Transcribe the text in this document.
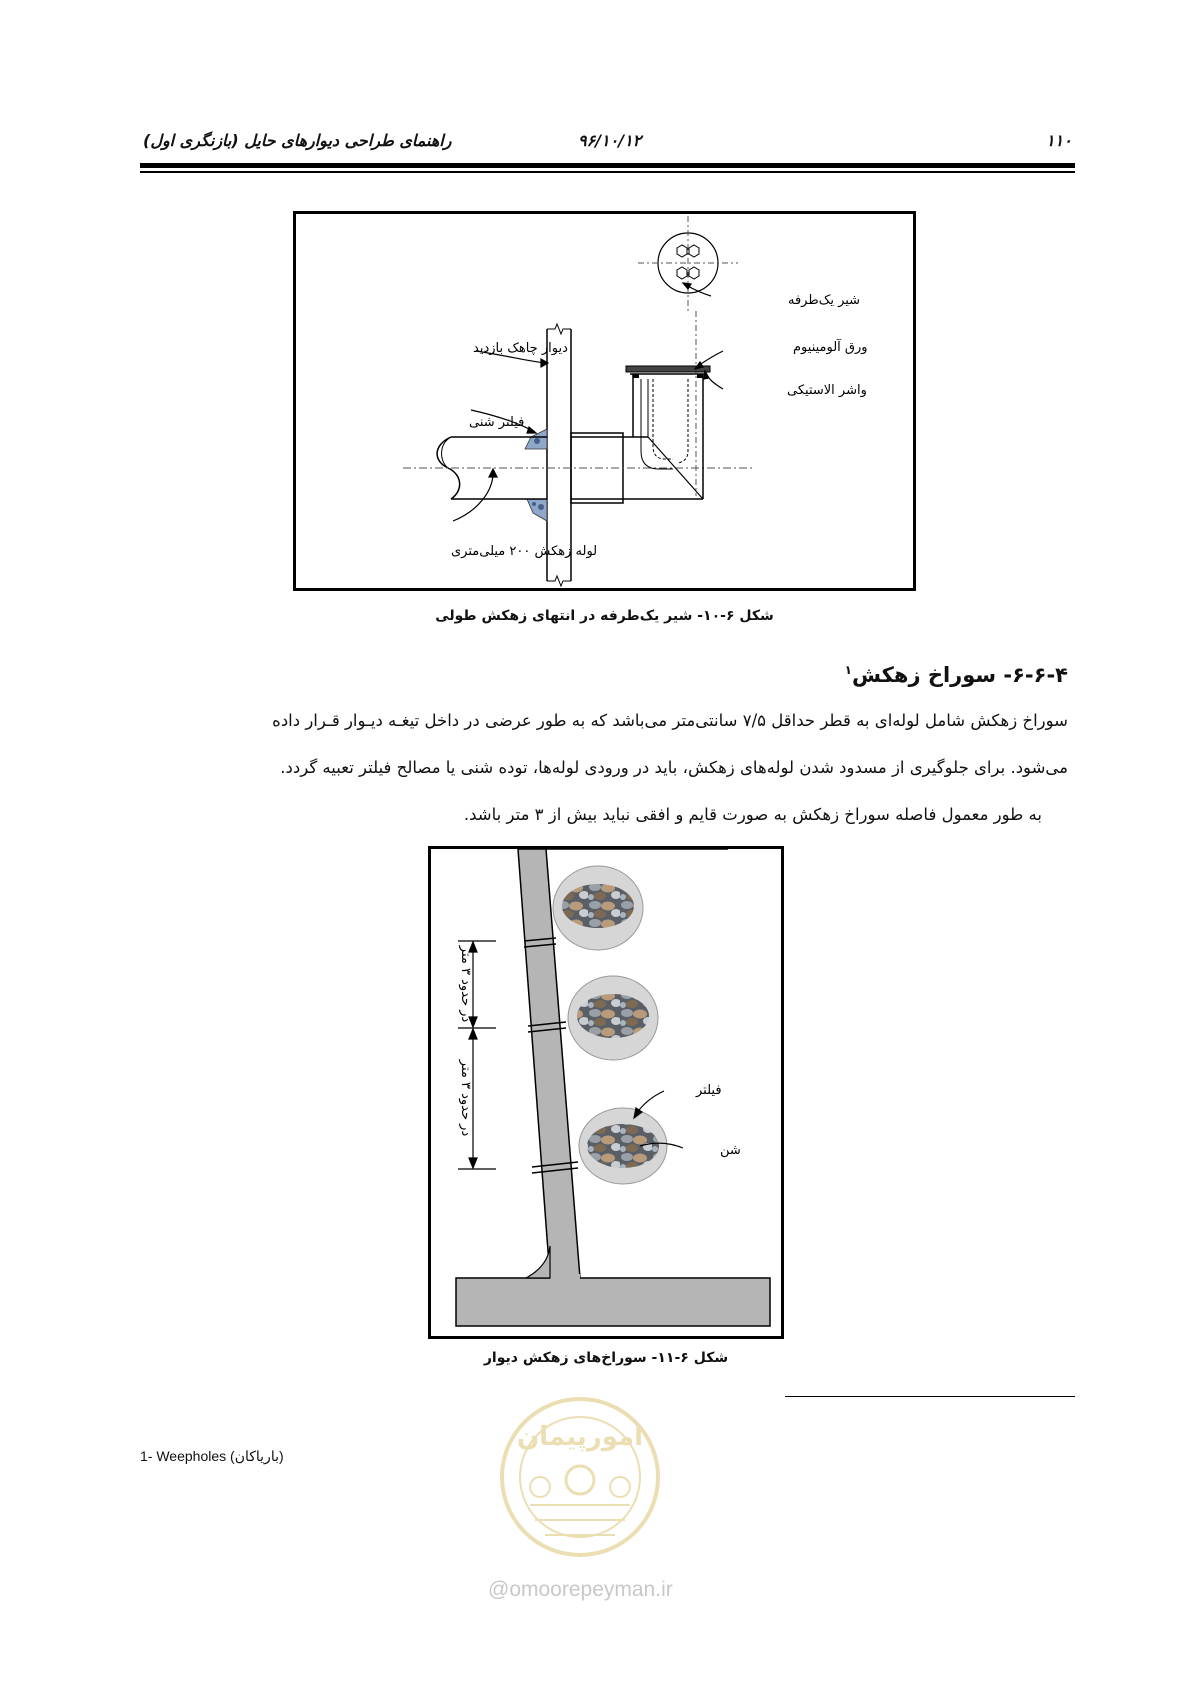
۱۱۰
۹۶/۱۰/۱۲
راهنمای طراحی دیوارهای حایل (بازنگری اول)
شیر یک‌طرفه
ورق آلومینیوم
واشر الاستیکی
دیوار چاهک بازدید
فیلتر شنی
لوله زهکش ۲۰۰ میلی‌متری
شکل ۶-۱۰- شیر یک‌طرفه در انتهای زهکش طولی
۶-۶-۴- سوراخ زهکش$^۱$
سوراخ زهکش شامل لوله‌ای به قطر حداقل ۷/۵ سانتی‌متر می‌باشد که به طور عرضی در داخل تیغـه دیـوار قـرار داده
می‌شود. برای جلوگیری از مسدود شدن لوله‌های زهکش، باید در ورودی لوله‌ها، توده شنی یا مصالح فیلتر تعبیه گردد.
به طور معمول فاصله سوراخ زهکش به صورت قایم و افقی نباید بیش از ۳ متر باشد.
در حدود ۳ متر
در حدود ۳ متر	فیلتر
شن
شکل ۶-۱۱- سوراخ‌های زهکش دیوار
1- Weepholes (باریاکان)
امورپیمان
@omoorepeyman.ir
